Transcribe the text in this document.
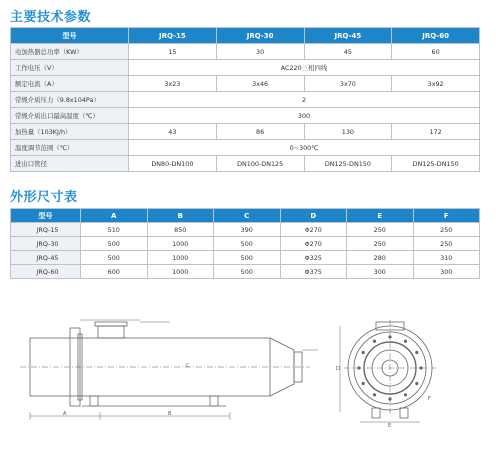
主要技术参数
型号	JRQ-15	JRQ-30	JRQ-45	JRQ-60
电加热器总功率（KW）	15	30	45	60
工作电压（V）	AC220三相四线			
额定电流（A）	3x23	3x46	3x70	3x92
常规介质压力（9.8x104Pa）	2			
常规介质出口最高温度（℃）	300			
加热量（103KJ/h）	43	86	130	172
温度调节范围（℃）	0~300℃			
进出口管径	DN80-DN100	DN100-DN125	DN125-DN150	DN125-DN150
外形尺寸表
型号	A	B	C	D	E	F
JRQ-15	510	850	390	Φ270	250	250
JRQ-30	500	1000	500	Φ270	250	250
JRQ-45	500	1000	500	Φ325	280	310
JRQ-60	600	1000	500	Φ375	300	300
A	B
C	D
E
F
